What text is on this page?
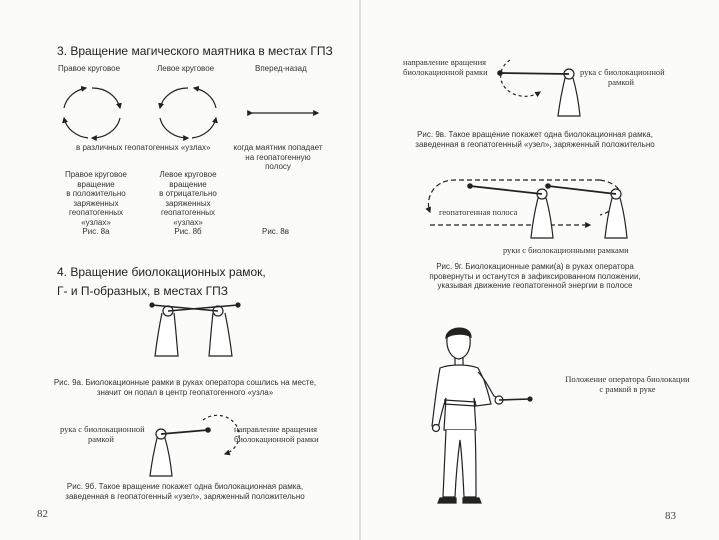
3. Вращение магического маятника в местах ГПЗ
Правое круговое	Левое круговое	Вперед-назад
в различных геопатогенных «узлах»	когда маятник попадает
на геопатогенную
полосу
Правое круговое
вращение
в положительно
заряженных
геопатогенных
«узлах»
Рис. 8а
Левое круговое
вращение
в отрицательно
заряженных
геопатогенных
«узлах»
Рис. 8б	Рис. 8в
4. Вращение биолокационных рамок,
Г- и П-образных, в местах ГПЗ
Рис. 9а. Биолокационные рамки в руках оператора сошлись на месте,
значит он попал в центр геопатогенного «узла»
рука с биолокационной
рамкой
направление вращения
биолокационной рамки
Рис. 9б. Такое вращение покажет одна биолокационная рамка,
заведенная в геопатогенный «узел», заряженный положительно
82
направление вращения
биолокационной рамки	рука с биолокационной
рамкой
Рис. 9в. Такое вращение покажет одна биолокационная рамка,
заведенная в геопатогенный «узел», заряженный положительно
геопатогенная полоса
руки с биолокационными рамками
Рис. 9г. Биолокационные рамки(а) в руках оператора
провернуты и останутся в зафиксированном положении,
указывая движение геопатогенной энергии в полосе
Положение оператора биолокации
с рамкой в руке
83
